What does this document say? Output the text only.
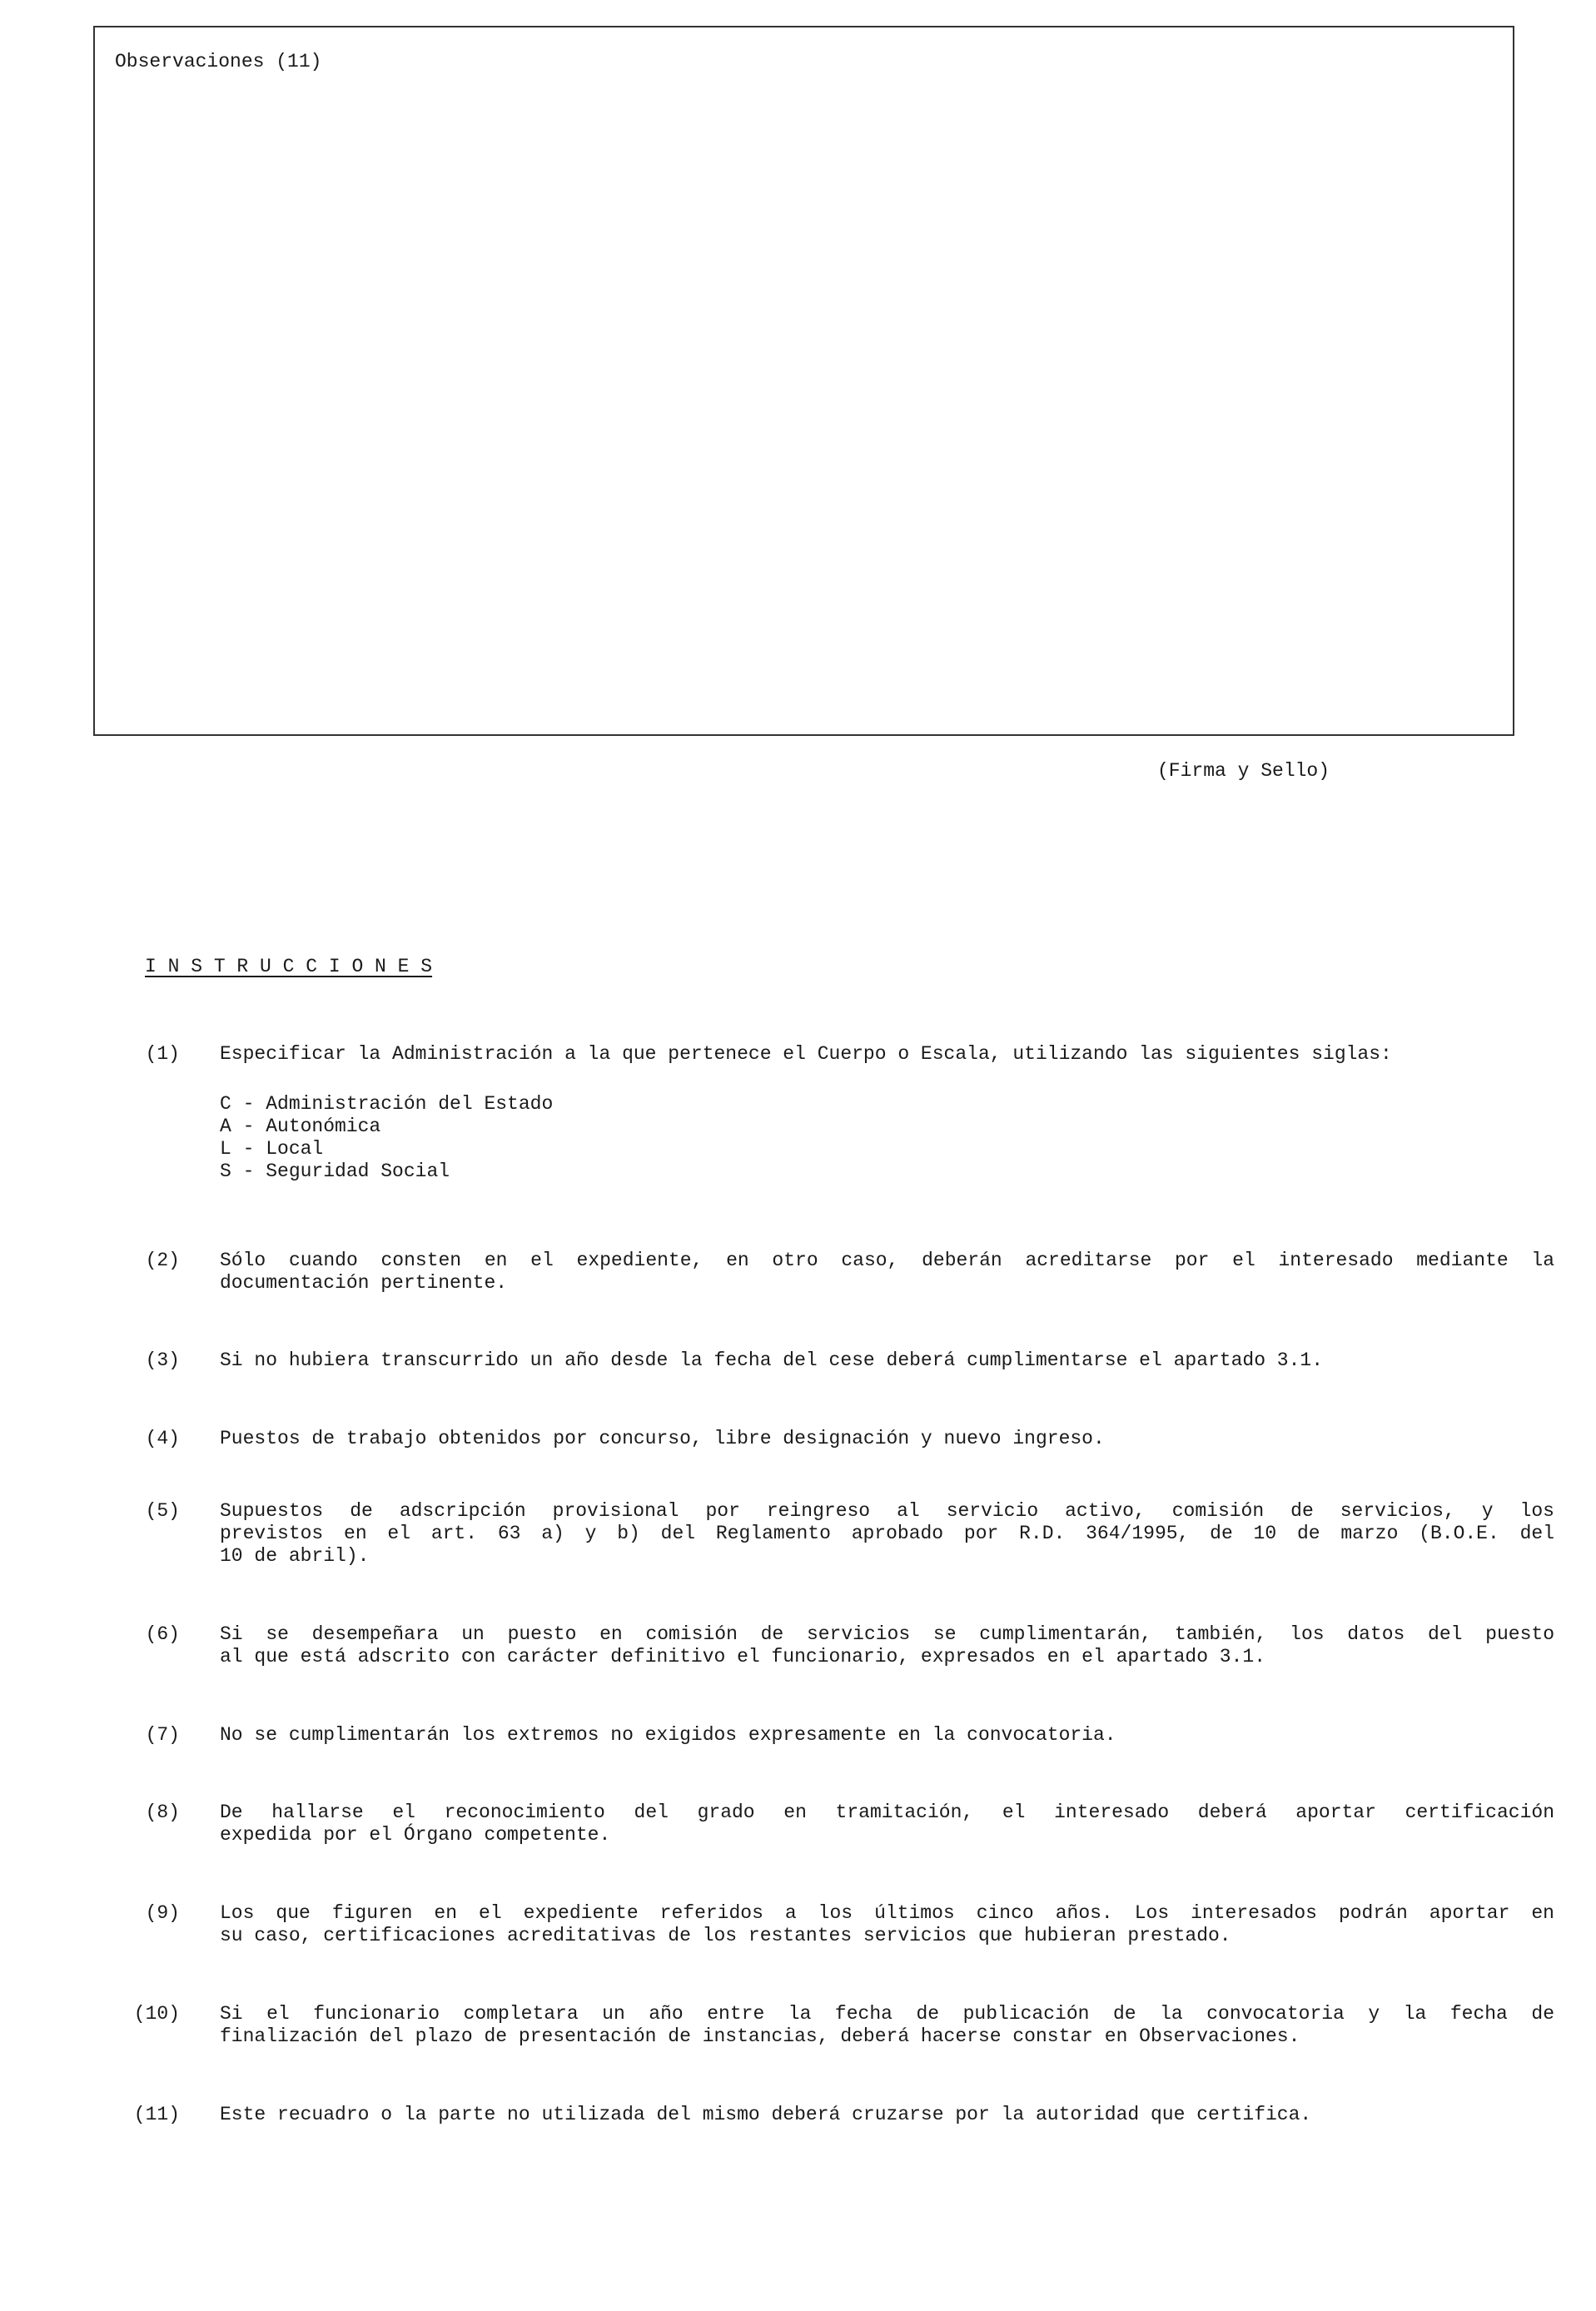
Observaciones (11)
(Firma y Sello)
I N S T R U C C I O N E S
(1) Especificar la Administración a la que pertenece el Cuerpo o Escala, utilizando las siguientes siglas:
C - Administración del Estado
A - Autonómica
L - Local
S - Seguridad Social
(2) Sólo cuando consten en el expediente, en otro caso, deberán acreditarse por el interesado mediante la
documentación pertinente.
(3) Si no hubiera transcurrido un año desde la fecha del cese deberá cumplimentarse el apartado 3.1.
(4) Puestos de trabajo obtenidos por concurso, libre designación y nuevo ingreso.
(5) Supuestos de adscripción provisional por reingreso al servicio activo, comisión de servicios, y los
previstos en el art. 63 a) y b) del Reglamento aprobado por R.D. 364/1995, de 10 de marzo (B.O.E. del
10 de abril).
(6) Si se desempeñara un puesto en comisión de servicios se cumplimentarán, también, los datos del puesto
al que está adscrito con carácter definitivo el funcionario, expresados en el apartado 3.1.
(7) No se cumplimentarán los extremos no exigidos expresamente en la convocatoria.
(8) De hallarse el reconocimiento del grado en tramitación, el interesado deberá aportar certificación
expedida por el Órgano competente.
(9) Los que figuren en el expediente referidos a los últimos cinco años. Los interesados podrán aportar en
su caso, certificaciones acreditativas de los restantes servicios que hubieran prestado.
(10) Si el funcionario completara un año entre la fecha de publicación de la convocatoria y la fecha de
finalización del plazo de presentación de instancias, deberá hacerse constar en Observaciones.
(11) Este recuadro o la parte no utilizada del mismo deberá cruzarse por la autoridad que certifica.
